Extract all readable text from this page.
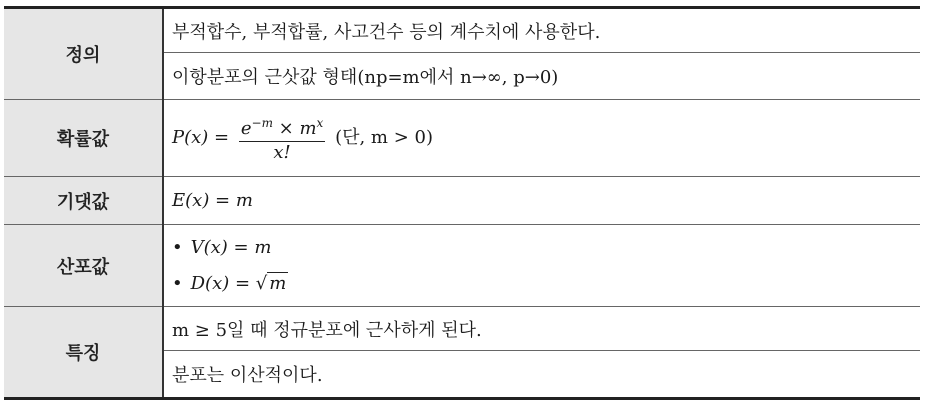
정의	부적합수, 부적합률, 사고건수 등의 계수치에 사용한다.
이항분포의 근삿값 형태(np=m에서 n→∞, p→0)

확률값	$P(x) = \frac{e^{-m} \times m^x}{x!}$ (단, m > 0)
기댓값	E(x) = m
산포값	• V(x) = m
• D(x) = √ m

특징	m ≥ 5일 때 정규분포에 근사하게 된다.
분포는 이산적이다.
